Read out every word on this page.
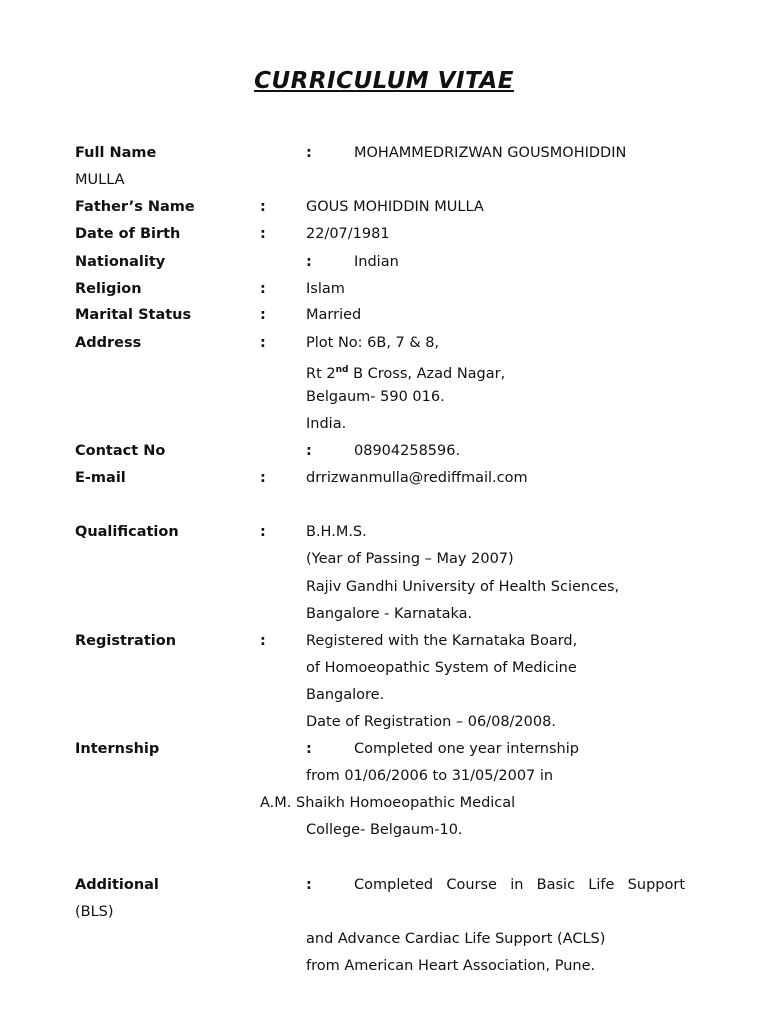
CURRICULUM VITAE
Full Name	:	MOHAMMEDRIZWAN GOUSMOHIDDIN
MULLA
Father’s Name	:	GOUS MOHIDDIN MULLA
Date of Birth	:	22/07/1981
Nationality	:	Indian
Religion	:	Islam
Marital Status	:	Married
Address	:	Plot No: 6B, 7 & 8,
Rt 2nd B Cross, Azad Nagar,
Belgaum- 590 016.
India.
Contact No	:	08904258596.
E-mail	:	drrizwanmulla@rediffmail.com
Qualification	:	B.H.M.S.
(Year of Passing – May 2007)
Rajiv Gandhi University of Health Sciences,
Bangalore - Karnataka.
Registration	:	Registered with the Karnataka Board,
of Homoeopathic System of Medicine
Bangalore.
Date of Registration – 06/08/2008.
Internship	:	Completed one year internship
from 01/06/2006 to 31/05/2007 in
A.M. Shaikh Homoeopathic Medical
College- Belgaum-10.
Additional	:	Completed Course in Basic Life Support
(BLS)
and Advance Cardiac Life Support (ACLS)
from American Heart Association, Pune.
